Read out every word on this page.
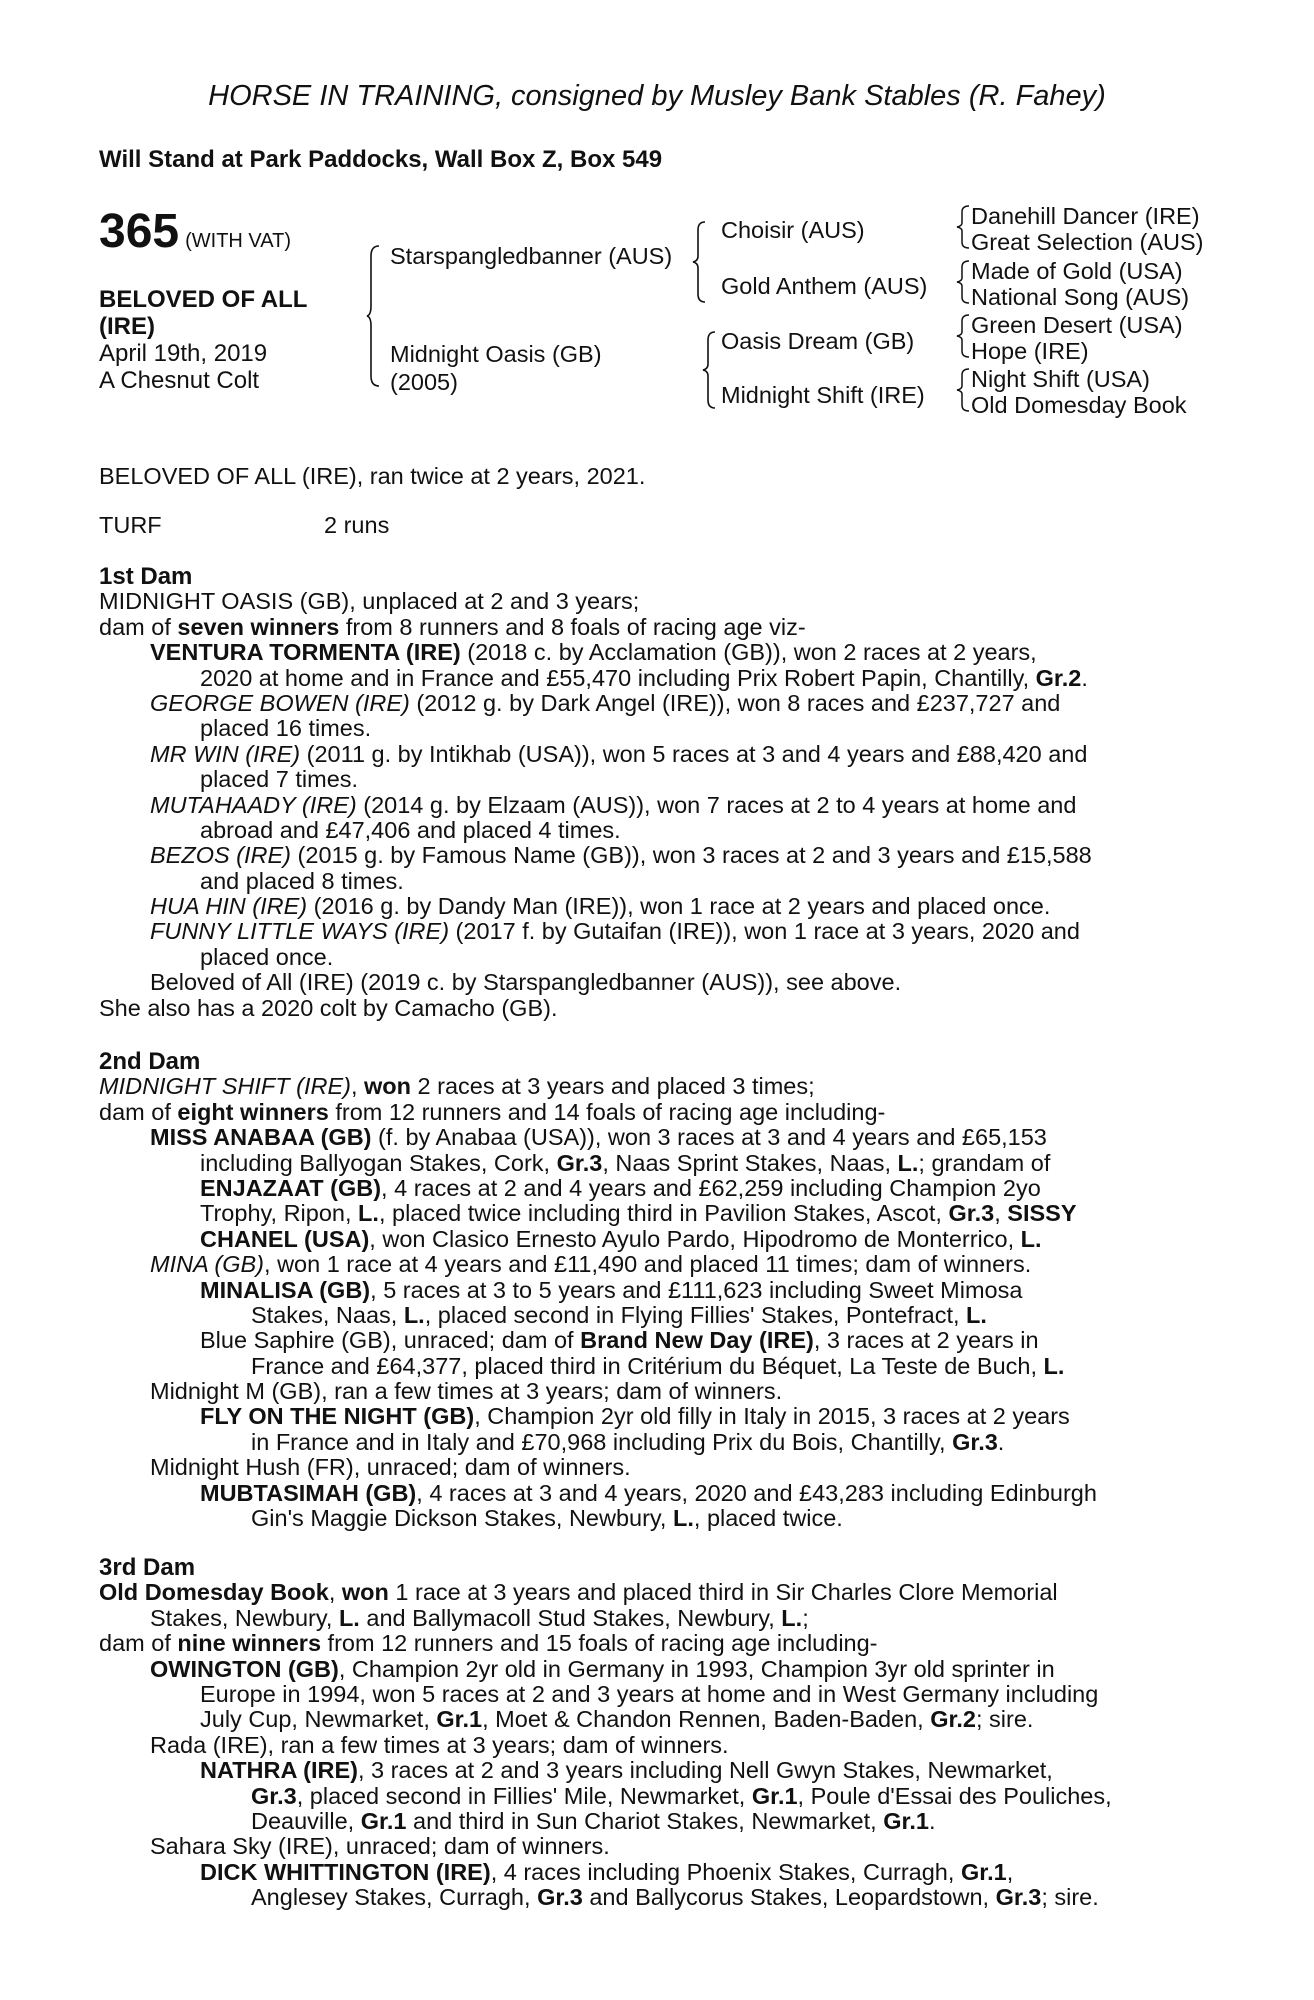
HORSE IN TRAINING, consigned by Musley Bank Stables (R. Fahey)
Will Stand at Park Paddocks, Wall Box Z, Box 549
365 (WITH VAT)
BELOVED OF ALL
(IRE)
April 19th, 2019
A Chesnut Colt
Starspangledbanner (AUS)
Midnight Oasis (GB)
(2005)
Choisir (AUS)
Gold Anthem (AUS)
Oasis Dream (GB)
Midnight Shift (IRE)
Danehill Dancer (IRE)
Great Selection (AUS)
Made of Gold (USA)
National Song (AUS)
Green Desert (USA)
Hope (IRE)
Night Shift (USA)
Old Domesday Book
BELOVED OF ALL (IRE), ran twice at 2 years, 2021.
TURF	2 runs
1st Dam
MIDNIGHT OASIS (GB), unplaced at 2 and 3 years;
dam of seven winners from 8 runners and 8 foals of racing age viz-
VENTURA TORMENTA (IRE) (2018 c. by Acclamation (GB)), won 2 races at 2 years,
2020 at home and in France and £55,470 including Prix Robert Papin, Chantilly, Gr.2.
GEORGE BOWEN (IRE) (2012 g. by Dark Angel (IRE)), won 8 races and £237,727 and
placed 16 times.
MR WIN (IRE) (2011 g. by Intikhab (USA)), won 5 races at 3 and 4 years and £88,420 and
placed 7 times.
MUTAHAADY (IRE) (2014 g. by Elzaam (AUS)), won 7 races at 2 to 4 years at home and
abroad and £47,406 and placed 4 times.
BEZOS (IRE) (2015 g. by Famous Name (GB)), won 3 races at 2 and 3 years and £15,588
and placed 8 times.
HUA HIN (IRE) (2016 g. by Dandy Man (IRE)), won 1 race at 2 years and placed once.
FUNNY LITTLE WAYS (IRE) (2017 f. by Gutaifan (IRE)), won 1 race at 3 years, 2020 and
placed once.
Beloved of All (IRE) (2019 c. by Starspangledbanner (AUS)), see above.
She also has a 2020 colt by Camacho (GB).
2nd Dam
MIDNIGHT SHIFT (IRE), won 2 races at 3 years and placed 3 times;
dam of eight winners from 12 runners and 14 foals of racing age including-
MISS ANABAA (GB) (f. by Anabaa (USA)), won 3 races at 3 and 4 years and £65,153
including Ballyogan Stakes, Cork, Gr.3, Naas Sprint Stakes, Naas, L.; grandam of
ENJAZAAT (GB), 4 races at 2 and 4 years and £62,259 including Champion 2yo
Trophy, Ripon, L., placed twice including third in Pavilion Stakes, Ascot, Gr.3, SISSY
CHANEL (USA), won Clasico Ernesto Ayulo Pardo, Hipodromo de Monterrico, L.
MINA (GB), won 1 race at 4 years and £11,490 and placed 11 times; dam of winners.
MINALISA (GB), 5 races at 3 to 5 years and £111,623 including Sweet Mimosa
Stakes, Naas, L., placed second in Flying Fillies' Stakes, Pontefract, L.
Blue Saphire (GB), unraced; dam of Brand New Day (IRE), 3 races at 2 years in
France and £64,377, placed third in Critérium du Béquet, La Teste de Buch, L.
Midnight M (GB), ran a few times at 3 years; dam of winners.
FLY ON THE NIGHT (GB), Champion 2yr old filly in Italy in 2015, 3 races at 2 years
in France and in Italy and £70,968 including Prix du Bois, Chantilly, Gr.3.
Midnight Hush (FR), unraced; dam of winners.
MUBTASIMAH (GB), 4 races at 3 and 4 years, 2020 and £43,283 including Edinburgh
Gin's Maggie Dickson Stakes, Newbury, L., placed twice.
3rd Dam
Old Domesday Book, won 1 race at 3 years and placed third in Sir Charles Clore Memorial
Stakes, Newbury, L. and Ballymacoll Stud Stakes, Newbury, L.;
dam of nine winners from 12 runners and 15 foals of racing age including-
OWINGTON (GB), Champion 2yr old in Germany in 1993, Champion 3yr old sprinter in
Europe in 1994, won 5 races at 2 and 3 years at home and in West Germany including
July Cup, Newmarket, Gr.1, Moet & Chandon Rennen, Baden-Baden, Gr.2; sire.
Rada (IRE), ran a few times at 3 years; dam of winners.
NATHRA (IRE), 3 races at 2 and 3 years including Nell Gwyn Stakes, Newmarket,
Gr.3, placed second in Fillies' Mile, Newmarket, Gr.1, Poule d'Essai des Pouliches,
Deauville, Gr.1 and third in Sun Chariot Stakes, Newmarket, Gr.1.
Sahara Sky (IRE), unraced; dam of winners.
DICK WHITTINGTON (IRE), 4 races including Phoenix Stakes, Curragh, Gr.1,
Anglesey Stakes, Curragh, Gr.3 and Ballycorus Stakes, Leopardstown, Gr.3; sire.
